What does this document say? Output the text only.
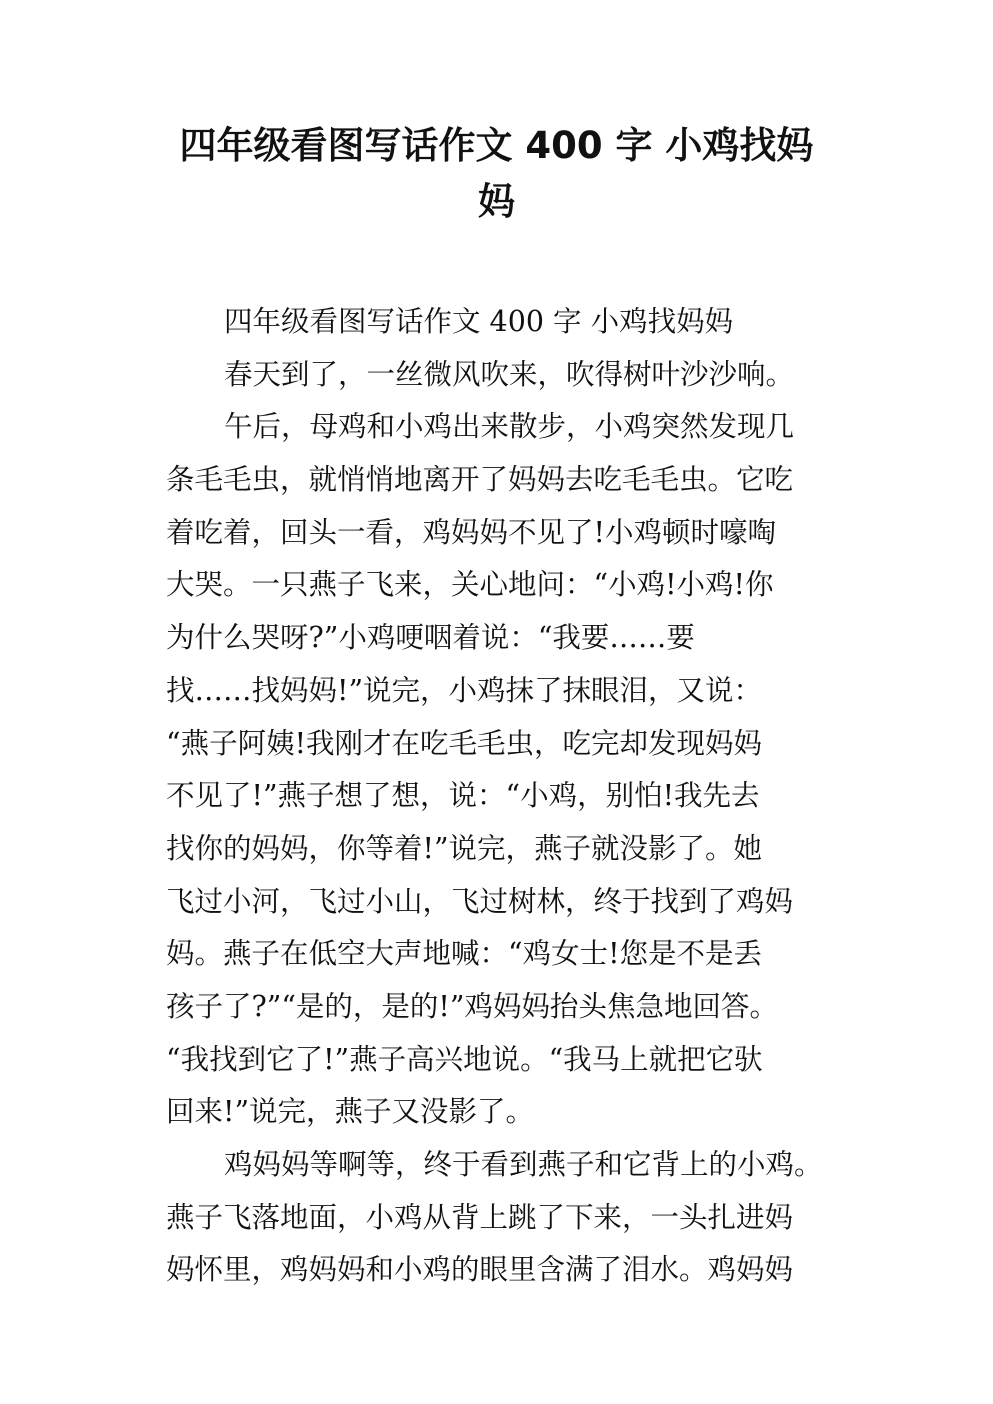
四年级看图写话作文 400 字 小鸡找妈
妈
四年级看图写话作文 400 字 小鸡找妈妈
春天到了，一丝微风吹来，吹得树叶沙沙响。
午后，母鸡和小鸡出来散步，小鸡突然发现几
条毛毛虫，就悄悄地离开了妈妈去吃毛毛虫。它吃
着吃着，回头一看，鸡妈妈不见了!小鸡顿时嚎啕
大哭。一只燕子飞来，关心地问：“小鸡!小鸡!你
为什么哭呀?”小鸡哽咽着说：“我要……要
找……找妈妈!”说完，小鸡抹了抹眼泪，又说：
“燕子阿姨!我刚才在吃毛毛虫，吃完却发现妈妈
不见了!”燕子想了想，说：“小鸡，别怕!我先去
找你的妈妈，你等着!”说完，燕子就没影了。她
飞过小河，飞过小山，飞过树林，终于找到了鸡妈
妈。燕子在低空大声地喊：“鸡女士!您是不是丢
孩子了?”“是的，是的!”鸡妈妈抬头焦急地回答。
“我找到它了!”燕子高兴地说。“我马上就把它驮
回来!”说完，燕子又没影了。
鸡妈妈等啊等，终于看到燕子和它背上的小鸡。
燕子飞落地面，小鸡从背上跳了下来，一头扎进妈
妈怀里，鸡妈妈和小鸡的眼里含满了泪水。鸡妈妈
